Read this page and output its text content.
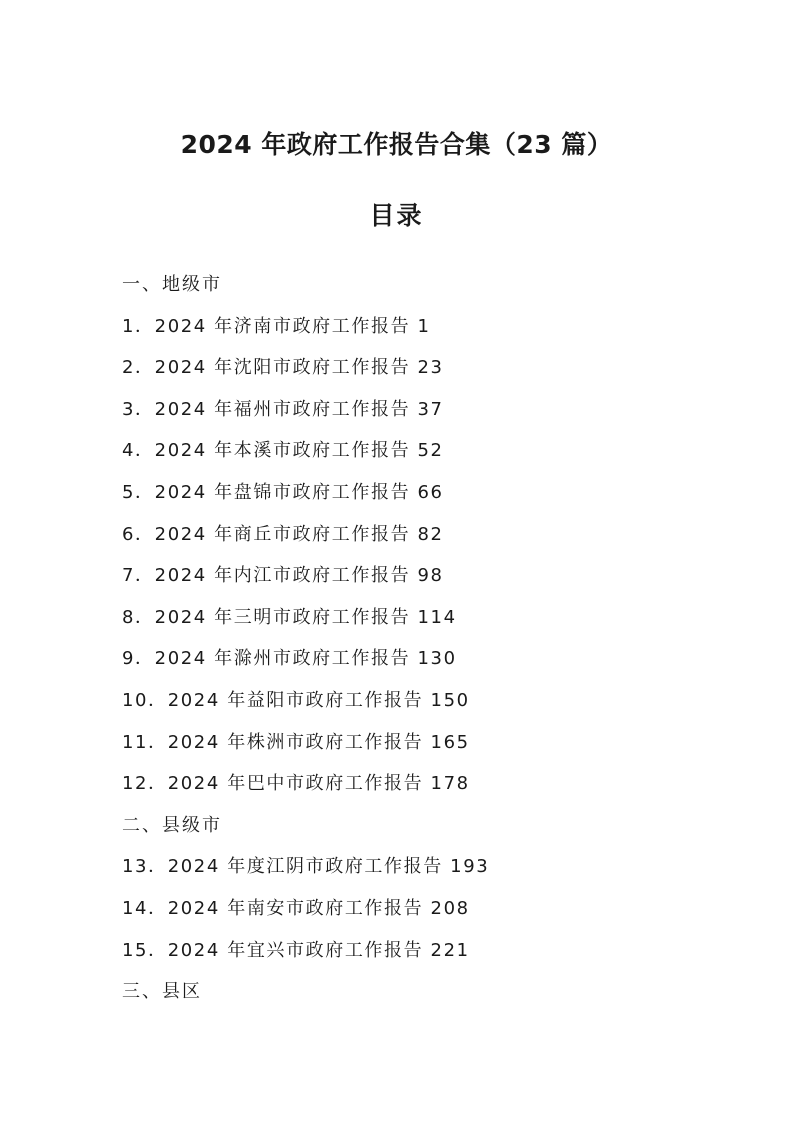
2024 年政府工作报告合集（23 篇）
目录
一、地级市
1．2024 年济南市政府工作报告 1
2．2024 年沈阳市政府工作报告 23
3．2024 年福州市政府工作报告 37
4．2024 年本溪市政府工作报告 52
5．2024 年盘锦市政府工作报告 66
6．2024 年商丘市政府工作报告 82
7．2024 年内江市政府工作报告 98
8．2024 年三明市政府工作报告 114
9．2024 年滁州市政府工作报告 130
10．2024 年益阳市政府工作报告 150
11．2024 年株洲市政府工作报告 165
12．2024 年巴中市政府工作报告 178
二、县级市
13．2024 年度江阴市政府工作报告 193
14．2024 年南安市政府工作报告 208
15．2024 年宜兴市政府工作报告 221
三、县区
